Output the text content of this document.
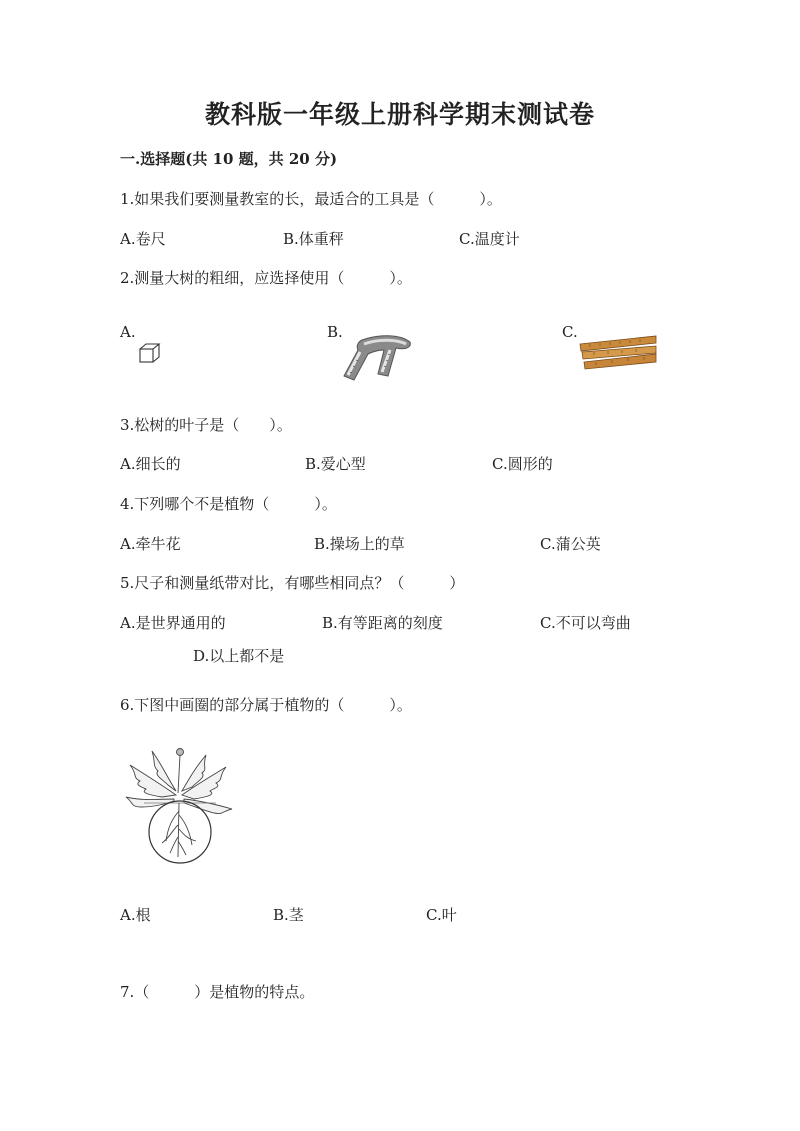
教科版一年级上册科学期末测试卷
一.选择题(共 10 题，共 20 分)
1.如果我们要测量教室的长，最适合的工具是（　　　）。
A.卷尺	B.体重秤	C.温度计
2.测量大树的粗细，应选择使用（　　　）。
A.	B.	C.
3.松树的叶子是（　　）。
A.细长的	B.爱心型	C.圆形的
4.下列哪个不是植物（　　　）。
A.牵牛花	B.操场上的草	C.蒲公英
5.尺子和测量纸带对比，有哪些相同点？（　　　）
A.是世界通用的	B.有等距离的刻度	C.不可以弯曲
D.以上都不是
6.下图中画圈的部分属于植物的（　　　）。
A.根	B.茎	C.叶
7.（　　　）是植物的特点。
